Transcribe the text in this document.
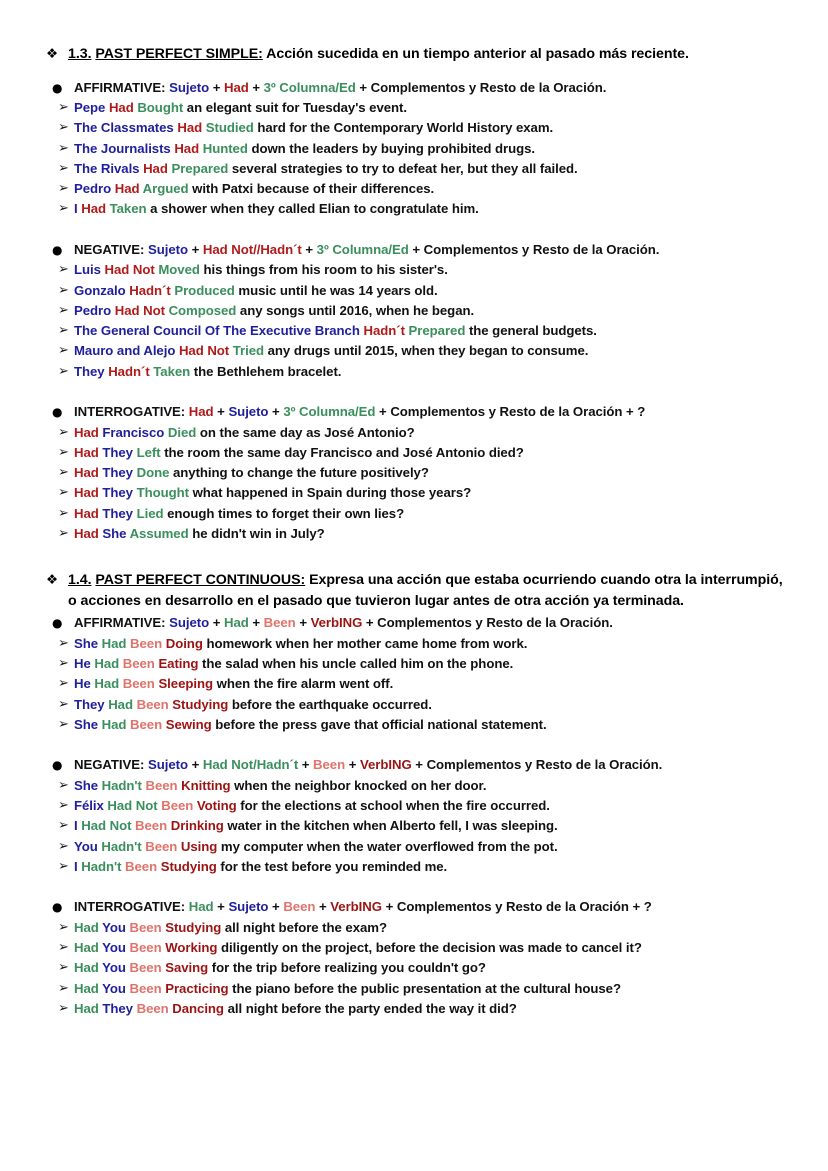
❖ 1.3. PAST PERFECT SIMPLE: Acción sucedida en un tiempo anterior al pasado más reciente.
● AFFIRMATIVE: Sujeto + Had + 3º Columna/Ed + Complementos y Resto de la Oración.
➢ Pepe Had Bought an elegant suit for Tuesday's event.
➢ The Classmates Had Studied hard for the Contemporary World History exam.
➢ The Journalists Had Hunted down the leaders by buying prohibited drugs.
➢ The Rivals Had Prepared several strategies to try to defeat her, but they all failed.
➢ Pedro Had Argued with Patxi because of their differences.
➢ I Had Taken a shower when they called Elian to congratulate him.
● NEGATIVE: Sujeto + Had Not//Hadn´t + 3º Columna/Ed + Complementos y Resto de la Oración.
➢ Luis Had Not Moved his things from his room to his sister's.
➢ Gonzalo Hadn´t Produced music until he was 14 years old.
➢ Pedro Had Not Composed any songs until 2016, when he began.
➢ The General Council Of The Executive Branch Hadn´t Prepared the general budgets.
➢ Mauro and Alejo Had Not Tried any drugs until 2015, when they began to consume.
➢ They Hadn´t Taken the Bethlehem bracelet.
● INTERROGATIVE: Had + Sujeto + 3º Columna/Ed + Complementos y Resto de la Oración + ?
➢ Had Francisco Died on the same day as José Antonio?
➢ Had They Left the room the same day Francisco and José Antonio died?
➢ Had They Done anything to change the future positively?
➢ Had They Thought what happened in Spain during those years?
➢ Had They Lied enough times to forget their own lies?
➢ Had She Assumed he didn't win in July?
❖ 1.4. PAST PERFECT CONTINUOUS: Expresa una acción que estaba ocurriendo cuando otra la interrumpió, o acciones en desarrollo en el pasado que tuvieron lugar antes de otra acción ya terminada.
● AFFIRMATIVE: Sujeto + Had + Been + VerbING + Complementos y Resto de la Oración.
➢ She Had Been Doing homework when her mother came home from work.
➢ He Had Been Eating the salad when his uncle called him on the phone.
➢ He Had Been Sleeping when the fire alarm went off.
➢ They Had Been Studying before the earthquake occurred.
➢ She Had Been Sewing before the press gave that official national statement.
● NEGATIVE: Sujeto + Had Not/Hadn´t + Been + VerbING + Complementos y Resto de la Oración.
➢ She Hadn't Been Knitting when the neighbor knocked on her door.
➢ Félix Had Not Been Voting for the elections at school when the fire occurred.
➢ I Had Not Been Drinking water in the kitchen when Alberto fell, I was sleeping.
➢ You Hadn't Been Using my computer when the water overflowed from the pot.
➢ I Hadn't Been Studying for the test before you reminded me.
● INTERROGATIVE: Had + Sujeto + Been + VerbING + Complementos y Resto de la Oración + ?
➢ Had You Been Studying all night before the exam?
➢ Had You Been Working diligently on the project, before the decision was made to cancel it?
➢ Had You Been Saving for the trip before realizing you couldn't go?
➢ Had You Been Practicing the piano before the public presentation at the cultural house?
➢ Had They Been Dancing all night before the party ended the way it did?
